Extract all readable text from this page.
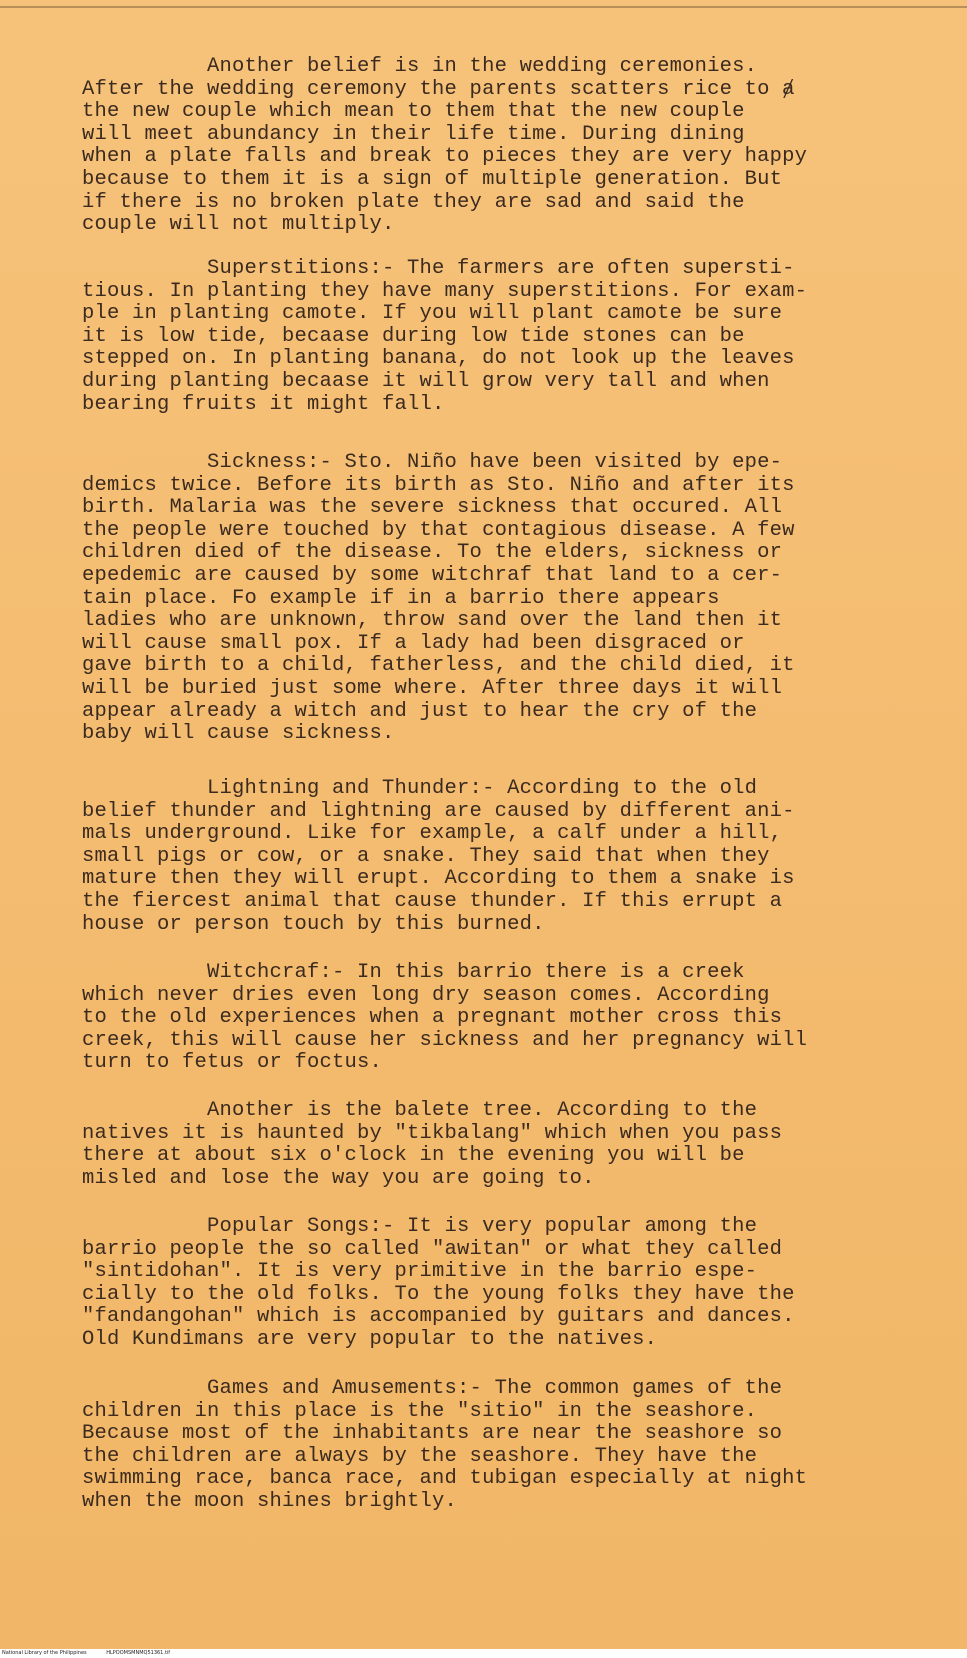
Another belief is in the wedding ceremonies.
After the wedding ceremony the parents scatters rice to ⱥ
the new couple which mean to them that the new couple
will meet abundancy in their life time. During dining
when a plate falls and break to pieces they are very happy
because to them it is a sign of multiple generation. But
if there is no broken plate they are sad and said the
couple will not multiply.

Superstitions:- The farmers are often supersti-
tious. In planting they have many superstitions. For exam-
ple in planting camote. If you will plant camote be sure
it is low tide, becaase during low tide stones can be
stepped on. In planting banana, do not look up the leaves
during planting becaase it will grow very tall and when
bearing fruits it might fall.

Sickness:- Sto. Niño have been visited by epe-
demics twice. Before its birth as Sto. Niño and after its
birth. Malaria was the severe sickness that occured. All
the people were touched by that contagious disease. A few
children died of the disease. To the elders, sickness or
epedemic are caused by some witchraf that land to a cer-
tain place. Fo example if in a barrio there appears
ladies who are unknown, throw sand over the land then it
will cause small pox. If a lady had been disgraced or
gave birth to a child, fatherless, and the child died, it
will be buried just some where. After three days it will
appear already a witch and just to hear the cry of the
baby will cause sickness.

Lightning and Thunder:- According to the old
belief thunder and lightning are caused by different ani-
mals underground. Like for example, a calf under a hill,
small pigs or cow, or a snake. They said that when they
mature then they will erupt. According to them a snake is
the fiercest animal that cause thunder. If this errupt a
house or person touch by this burned.

Witchcraf:- In this barrio there is a creek
which never dries even long dry season comes. According
to the old experiences when a pregnant mother cross this
creek, this will cause her sickness and her pregnancy will
turn to fetus or foctus.

Another is the balete tree. According to the
natives it is haunted by "tikbalang" which when you pass
there at about six o'clock in the evening you will be
misled and lose the way you are going to.

Popular Songs:- It is very popular among the
barrio people the so called "awitan" or what they called
"sintidohan". It is very primitive in the barrio espe-
cially to the old folks. To the young folks they have the
"fandangohan" which is accompanied by guitars and dances.
Old Kundimans are very popular to the natives.

Games and Amusements:- The common games of the
children in this place is the "sitio" in the seashore.
Because most of the inhabitants are near the seashore so
the children are always by the seashore. They have the
swimming race, banca race, and tubigan especially at night
when the moon shines brightly.

National Library of the Philippines	HLPOOMSMNMQ51361.tif
